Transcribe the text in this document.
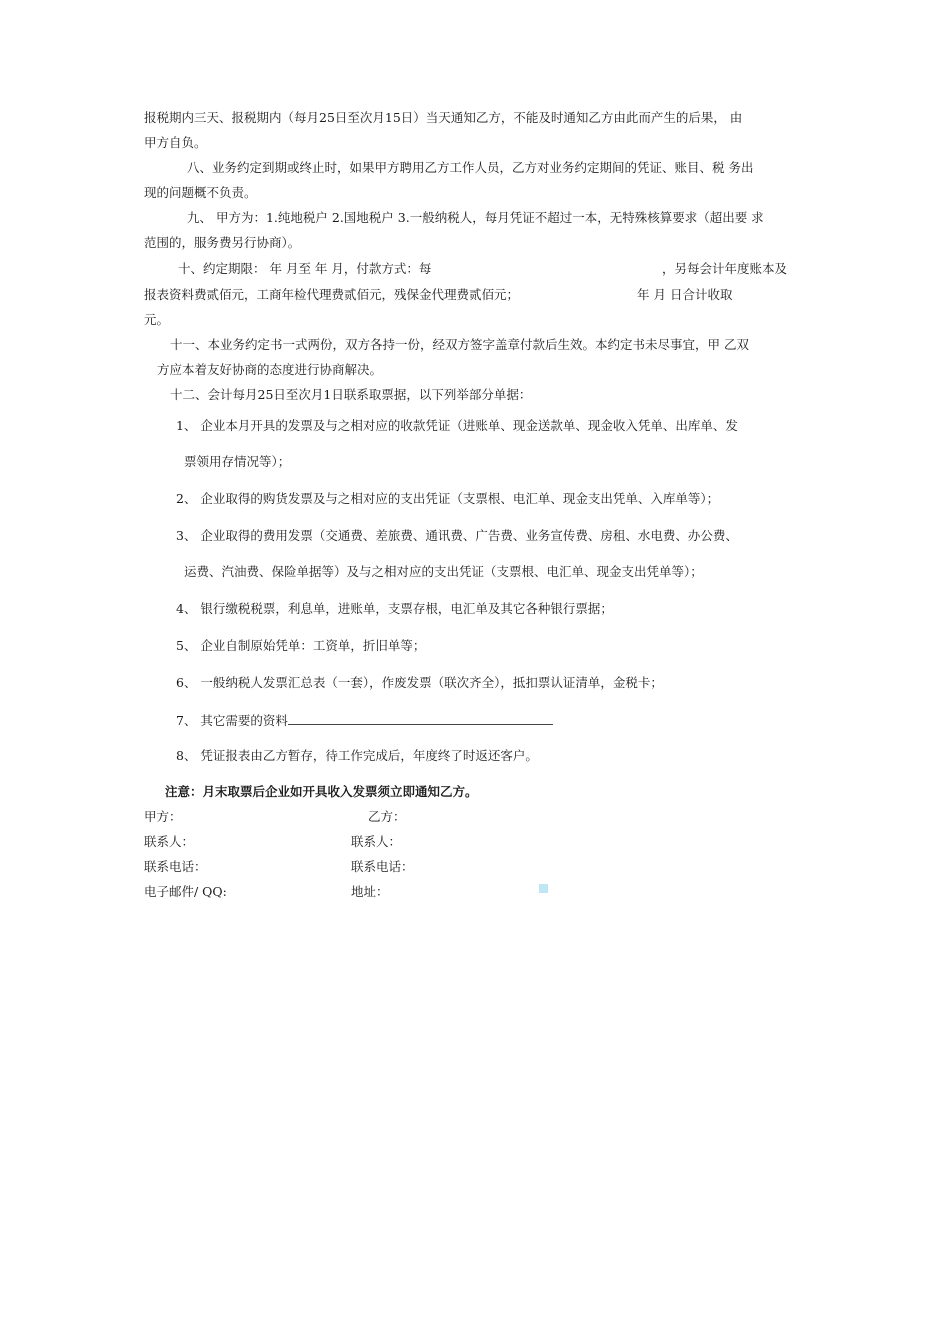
报税期内三天、报税期内（每月25日至次月15日）当天通知乙方，不能及时通知乙方由此而产生的后果， 由
甲方自负。
八、业务约定到期或终止时，如果甲方聘用乙方工作人员，乙方对业务约定期间的凭证、账目、税 务出
现的问题概不负责。
九、 甲方为：1.纯地税户 2.国地税户 3.一般纳税人，每月凭证不超过一本，无特殊核算要求（超出要 求
范围的，服务费另行协商）。
十、约定期限： 年 月至 年 月，付款方式：每	，另每会计年度账本及
报表资料费贰佰元，工商年检代理费贰佰元，残保金代理费贰佰元；	年 月 日合计收取
元。
十一、本业务约定书一式两份，双方各持一份，经双方签字盖章付款后生效。本约定书未尽事宜，甲 乙双
方应本着友好协商的态度进行协商解决。
十二、会计每月25日至次月1日联系取票据，以下列举部分单据：
1、 企业本月开具的发票及与之相对应的收款凭证（进账单、现金送款单、现金收入凭单、出库单、发
票领用存情况等）；
2、 企业取得的购货发票及与之相对应的支出凭证（支票根、电汇单、现金支出凭单、入库单等）；
3、 企业取得的费用发票（交通费、差旅费、通讯费、广告费、业务宣传费、房租、水电费、办公费、
运费、汽油费、保险单据等）及与之相对应的支出凭证（支票根、电汇单、现金支出凭单等）；
4、 银行缴税税票，利息单，进账单，支票存根，电汇单及其它各种银行票据；
5、 企业自制原始凭单：工资单，折旧单等；
6、 一般纳税人发票汇总表（一套），作废发票（联次齐全），抵扣票认证清单，金税卡；
7、 其它需要的资料
8、 凭证报表由乙方暂存，待工作完成后，年度终了时返还客户。
注意：月末取票后企业如开具收入发票须立即通知乙方。
甲方：	乙方：
联系人：	联系人：
联系电话：	联系电话：
电子邮件/ QQ:	地址：
